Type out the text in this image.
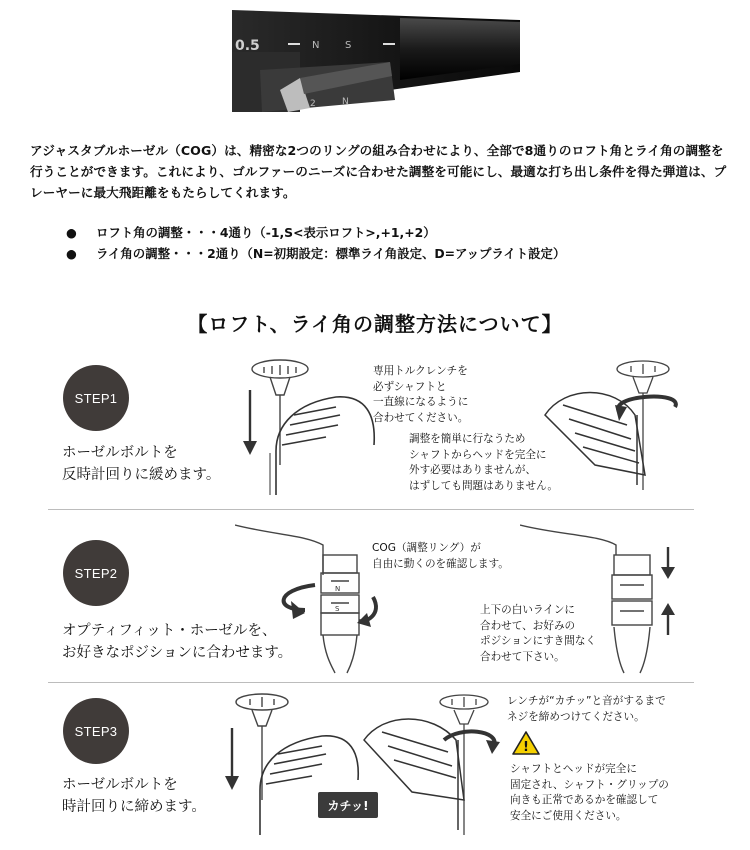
0.5	N	S
2	N
アジャスタブルホーゼル（COG）は、精密な2つのリングの組み合わせにより、全部で8通りのロフト角とライ角の調整を行うことができます。これにより、ゴルファーのニーズに合わせた調整を可能にし、最適な打ち出し条件を得た弾道は、プレーヤーに最大飛距離をもたらしてくれます。
● ロフト角の調整・・・4通り（-1,S<表示ロフト>,+1,+2）
● ライ角の調整・・・2通り（N=初期設定：標準ライ角設定、D=アップライト設定）
【ロフト、ライ角の調整方法について】
STEP1
ホーゼルボルトを
反時計回りに緩めます。
専用トルクレンチを
必ずシャフトと
一直線になるように
合わせてください。
調整を簡単に行なうため
シャフトからヘッドを完全に
外す必要はありませんが、
はずしても問題はありません。
STEP2
オプティフィット・ホーゼルを、
お好きなポジションに合わせます。
N
S
COG（調整リング）が
自由に動くのを確認します。
上下の白いラインに
合わせて、お好みの
ポジションにすき間なく
合わせて下さい。
STEP3
ホーゼルボルトを
時計回りに締めます。	カチッ!
レンチが“カチッ”と音がするまで
ネジを締めつけてください。
!
シャフトとヘッドが完全に
固定され、シャフト・グリップの
向きも正常であるかを確認して
安全にご使用ください。
